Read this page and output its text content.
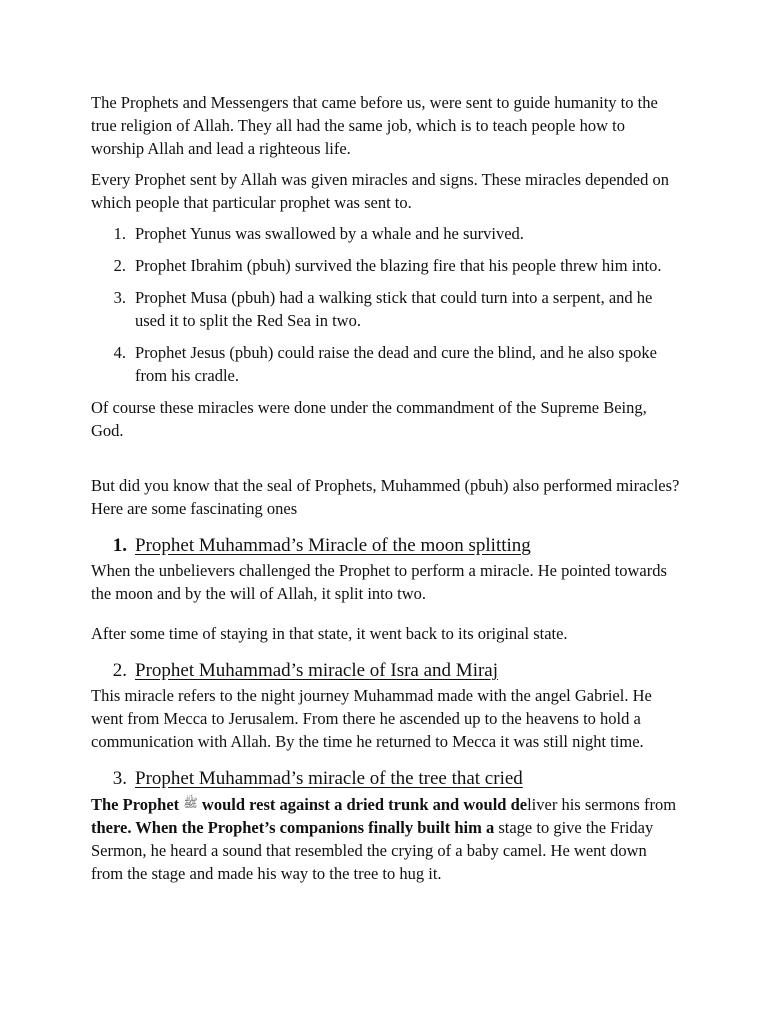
The Prophets and Messengers that came before us, were sent to guide humanity to the true religion of Allah. They all had the same job, which is to teach people how to worship Allah and lead a righteous life.

Every Prophet sent by Allah was given miracles and signs. These miracles depended on which people that particular prophet was sent to.

1. Prophet Yunus was swallowed by a whale and he survived.
2. Prophet Ibrahim (pbuh) survived the blazing fire that his people threw him into.
3. Prophet Musa (pbuh) had a walking stick that could turn into a serpent, and he used it to split the Red Sea in two.
4. Prophet Jesus (pbuh) could raise the dead and cure the blind, and he also spoke from his cradle.

Of course these miracles were done under the commandment of the Supreme Being, God.

But did you know that the seal of Prophets, Muhammed (pbuh) also performed miracles? Here are some fascinating ones

1. Prophet Muhammad’s Miracle of the moon splitting

When the unbelievers challenged the Prophet to perform a miracle. He pointed towards the moon and by the will of Allah, it split into two.

After some time of staying in that state, it went back to its original state.

2. Prophet Muhammad’s miracle of Isra and Miraj

This miracle refers to the night journey Muhammad made with the angel Gabriel. He went from Mecca to Jerusalem. From there he ascended up to the heavens to hold a communication with Allah. By the time he returned to Mecca it was still night time.

3. Prophet Muhammad’s miracle of the tree that cried

The Prophet ﷺ would rest against a dried trunk and would deliver his sermons from there. When the Prophet’s companions finally built him a stage to give the Friday Sermon, he heard a sound that resembled the crying of a baby camel. He went down from the stage and made his way to the tree to hug it.
